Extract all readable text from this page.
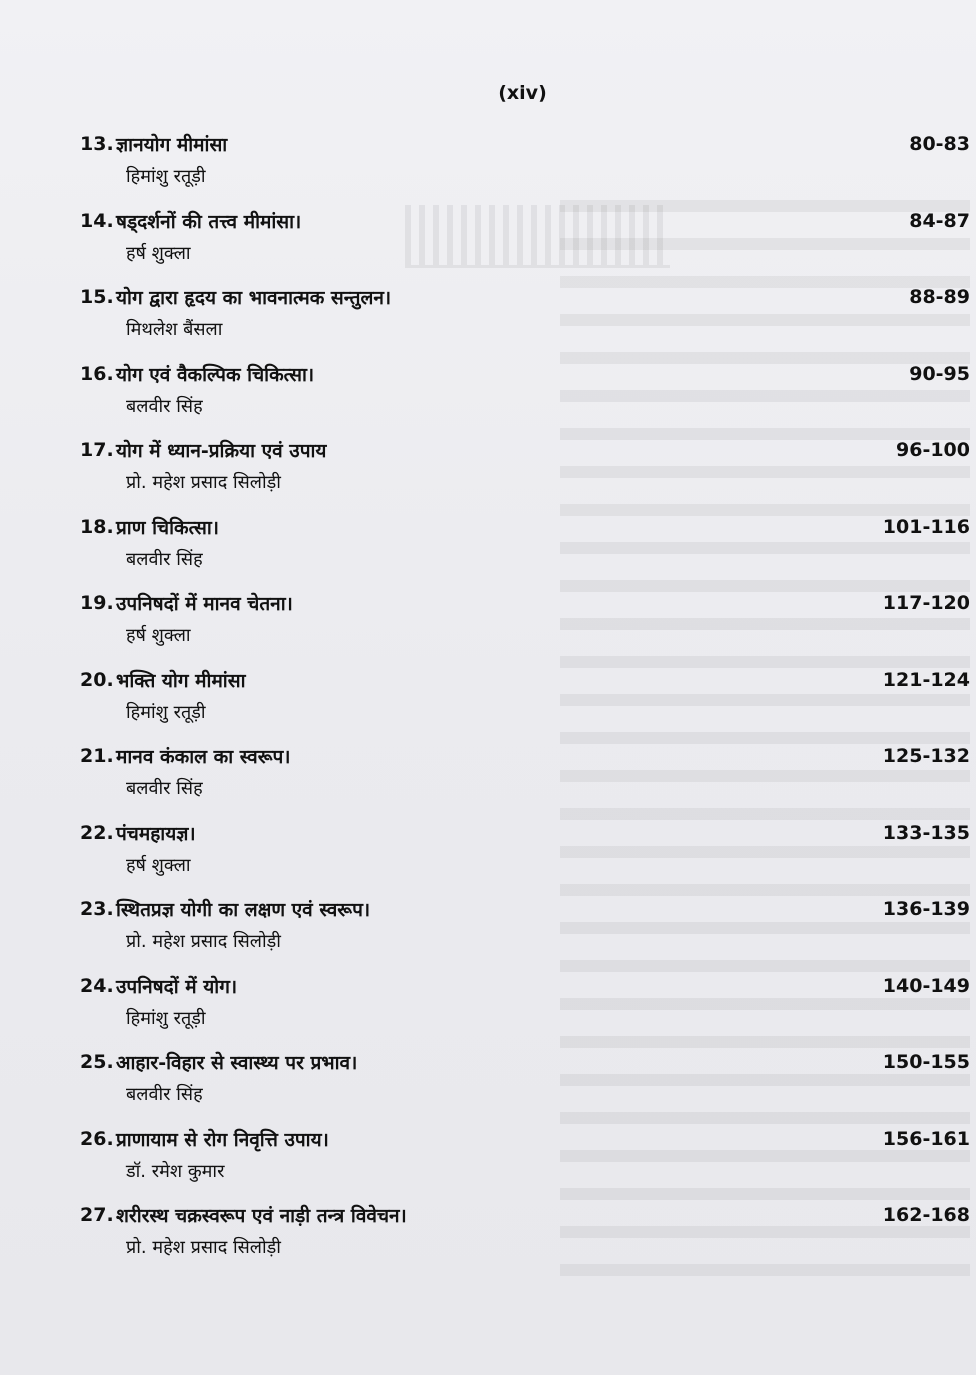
(xiv)
13. ज्ञानयोग मीमांसा	80-83
हिमांशु रतूड़ी
14. षड्दर्शनों की तत्त्व मीमांसा।	84-87
हर्ष शुक्ला
15. योग द्वारा हृदय का भावनात्मक सन्तुलन।	88-89
मिथलेश बैंसला
16. योग एवं वैकल्पिक चिकित्सा।	90-95
बलवीर सिंह
17. योग में ध्यान-प्रक्रिया एवं उपाय	96-100
प्रो. महेश प्रसाद सिलोड़ी
18. प्राण चिकित्सा।	101-116
बलवीर सिंह
19. उपनिषदों में मानव चेतना।	117-120
हर्ष शुक्ला
20. भक्ति योग मीमांसा	121-124
हिमांशु रतूड़ी
21. मानव कंकाल का स्वरूप।	125-132
बलवीर सिंह
22. पंचमहायज्ञ।	133-135
हर्ष शुक्ला
23. स्थितप्रज्ञ योगी का लक्षण एवं स्वरूप।	136-139
प्रो. महेश प्रसाद सिलोड़ी
24. उपनिषदों में योग।	140-149
हिमांशु रतूड़ी
25. आहार-विहार से स्वास्थ्य पर प्रभाव।	150-155
बलवीर सिंह
26. प्राणायाम से रोग निवृत्ति उपाय।	156-161
डॉ. रमेश कुमार
27. शरीरस्थ चक्रस्वरूप एवं नाड़ी तन्त्र विवेचन।	162-168
प्रो. महेश प्रसाद सिलोड़ी
